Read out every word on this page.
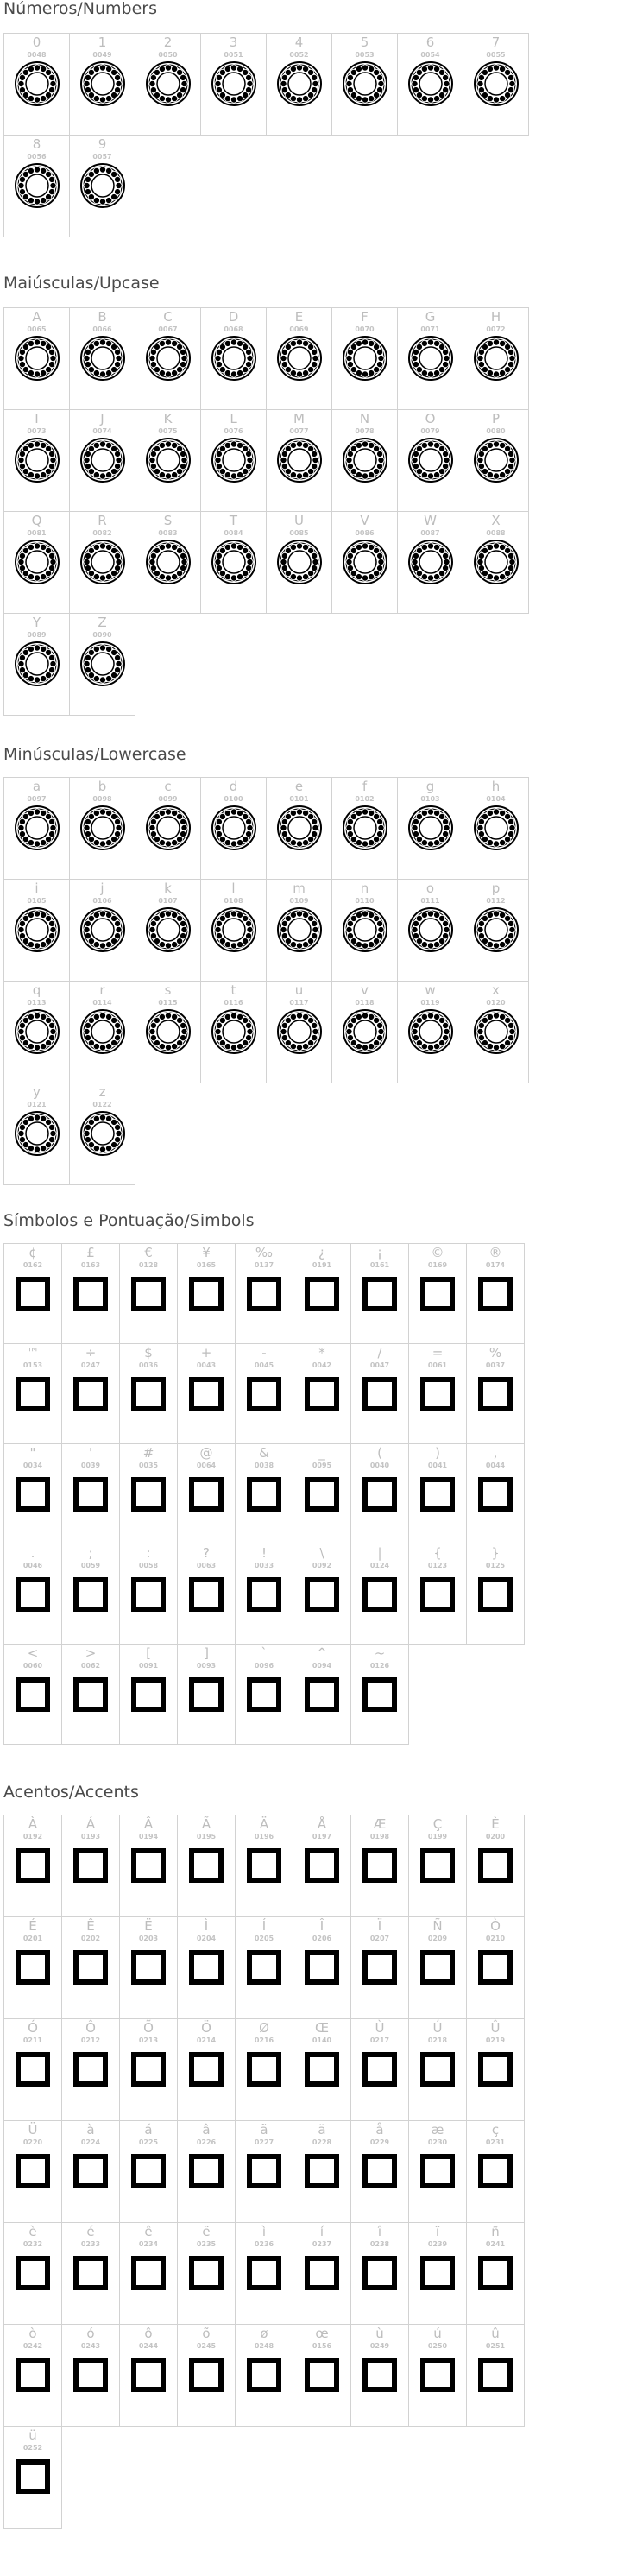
Números/Numbers
0
0048
1
0049
2
0050
3
0051
4
0052
5
0053
6
0054
7
0055
8
0056
9
0057
Maiúsculas/Upcase
A
0065
B
0066
C
0067
D
0068
E
0069
F
0070
G
0071
H
0072
I
0073
J
0074
K
0075
L
0076
M
0077
N
0078
O
0079
P
0080
Q
0081
R
0082
S
0083
T
0084
U
0085
V
0086
W
0087
X
0088
Y
0089
Z
0090
Minúsculas/Lowercase
a
0097
b
0098
c
0099
d
0100
e
0101
f
0102
g
0103
h
0104
i
0105
j
0106
k
0107
l
0108
m
0109
n
0110
o
0111
p
0112
q
0113
r
0114
s
0115
t
0116
u
0117
v
0118
w
0119
x
0120
y
0121
z
0122
Símbolos e Pontuação/Simbols
¢
0162
£
0163
€
0128
¥
0165
‰
0137
¿
0191
¡
0161
©
0169
®
0174
™
0153
÷
0247
$
0036
+
0043
-
0045
*
0042
/
0047
=
0061
%
0037
"
0034
'
0039
#
0035
@
0064
&
0038
_
0095
(
0040
)
0041
,
0044
.
0046
;
0059
:
0058
?
0063
!
0033
\
0092
|
0124
{
0123
}
0125
<
0060
>
0062
[
0091
]
0093
`
0096
^
0094
~
0126
Acentos/Accents
À
0192
Á
0193
Â
0194
Ã
0195
Ä
0196
Å
0197
Æ
0198
Ç
0199
È
0200
É
0201
Ê
0202
Ë
0203
Ì
0204
Í
0205
Î
0206
Ï
0207
Ñ
0209
Ò
0210
Ó
0211
Ô
0212
Õ
0213
Ö
0214
Ø
0216
Œ
0140
Ù
0217
Ú
0218
Û
0219
Ü
0220
à
0224
á
0225
â
0226
ã
0227
ä
0228
å
0229
æ
0230
ç
0231
è
0232
é
0233
ê
0234
ë
0235
ì
0236
í
0237
î
0238
ï
0239
ñ
0241
ò
0242
ó
0243
ô
0244
õ
0245
ø
0248
œ
0156
ù
0249
ú
0250
û
0251
ü
0252
